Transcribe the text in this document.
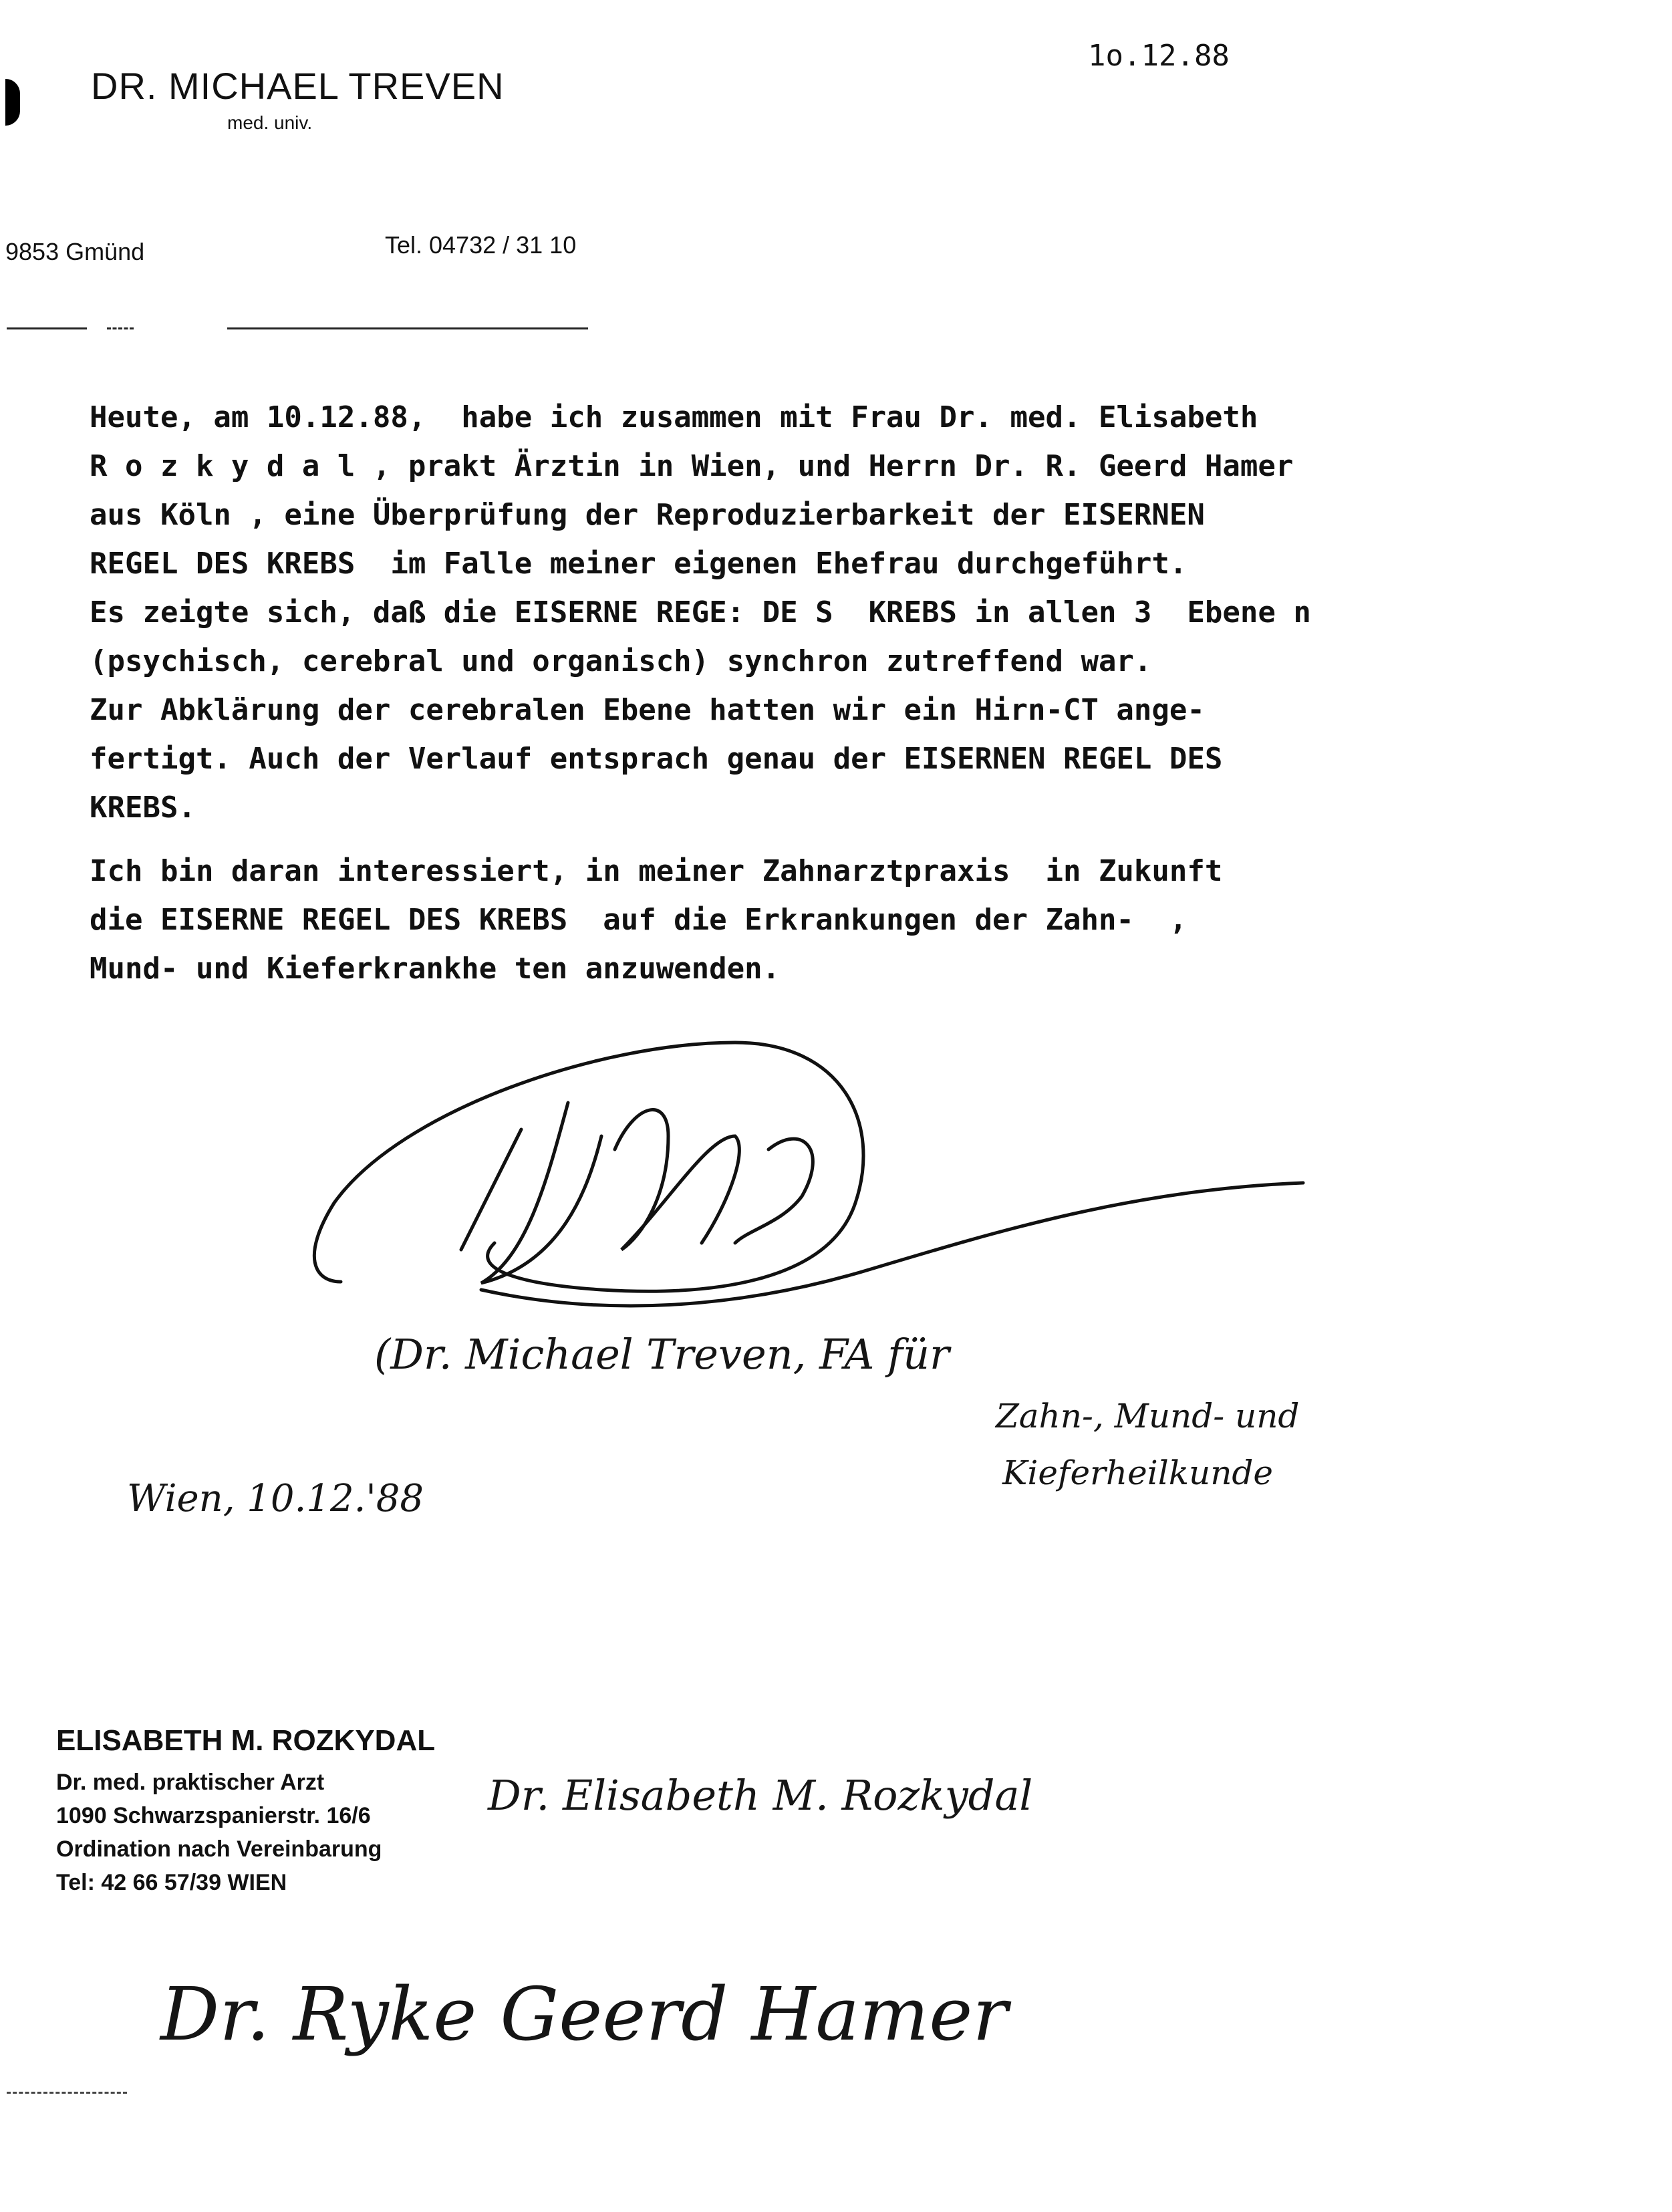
DR. MICHAEL TREVEN
med. univ.
1o.12.88
9853 Gmünd	Tel. 04732 / 31 10
Heute, am 10.12.88,  habe ich zusammen mit Frau Dr. med. Elisabeth
R o z k y d a l , prakt Ärztin in Wien, und Herrn Dr. R. Geerd Hamer
aus Köln , eine Überprüfung der Reproduzierbarkeit der EISERNEN
REGEL DES KREBS  im Falle meiner eigenen Ehefrau durchgeführt.
Es zeigte sich, daß die EISERNE REGE: DE S  KREBS in allen 3  Ebene n
(psychisch, cerebral und organisch) synchron zutreffend war.
Zur Abklärung der cerebralen Ebene hatten wir ein Hirn-CT ange-
fertigt. Auch der Verlauf entsprach genau der EISERNEN REGEL DES
KREBS.
Ich bin daran interessiert, in meiner Zahnarztpraxis  in Zukunft
die EISERNE REGEL DES KREBS  auf die Erkrankungen der Zahn-  ,
Mund- und Kieferkrankhe ten anzuwenden.
(Dr. Michael Treven, FA für
Zahn-, Mund- und
Kieferheilkunde
Wien, 10.12.'88
ELISABETH M. ROZKYDAL
Dr. med. praktischer Arzt
1090 Schwarzspanierstr. 16/6
Ordination nach Vereinbarung
Tel: 42 66 57/39 WIEN
Dr. Elisabeth M. Rozkydal
Dr. Ryke Geerd Hamer
